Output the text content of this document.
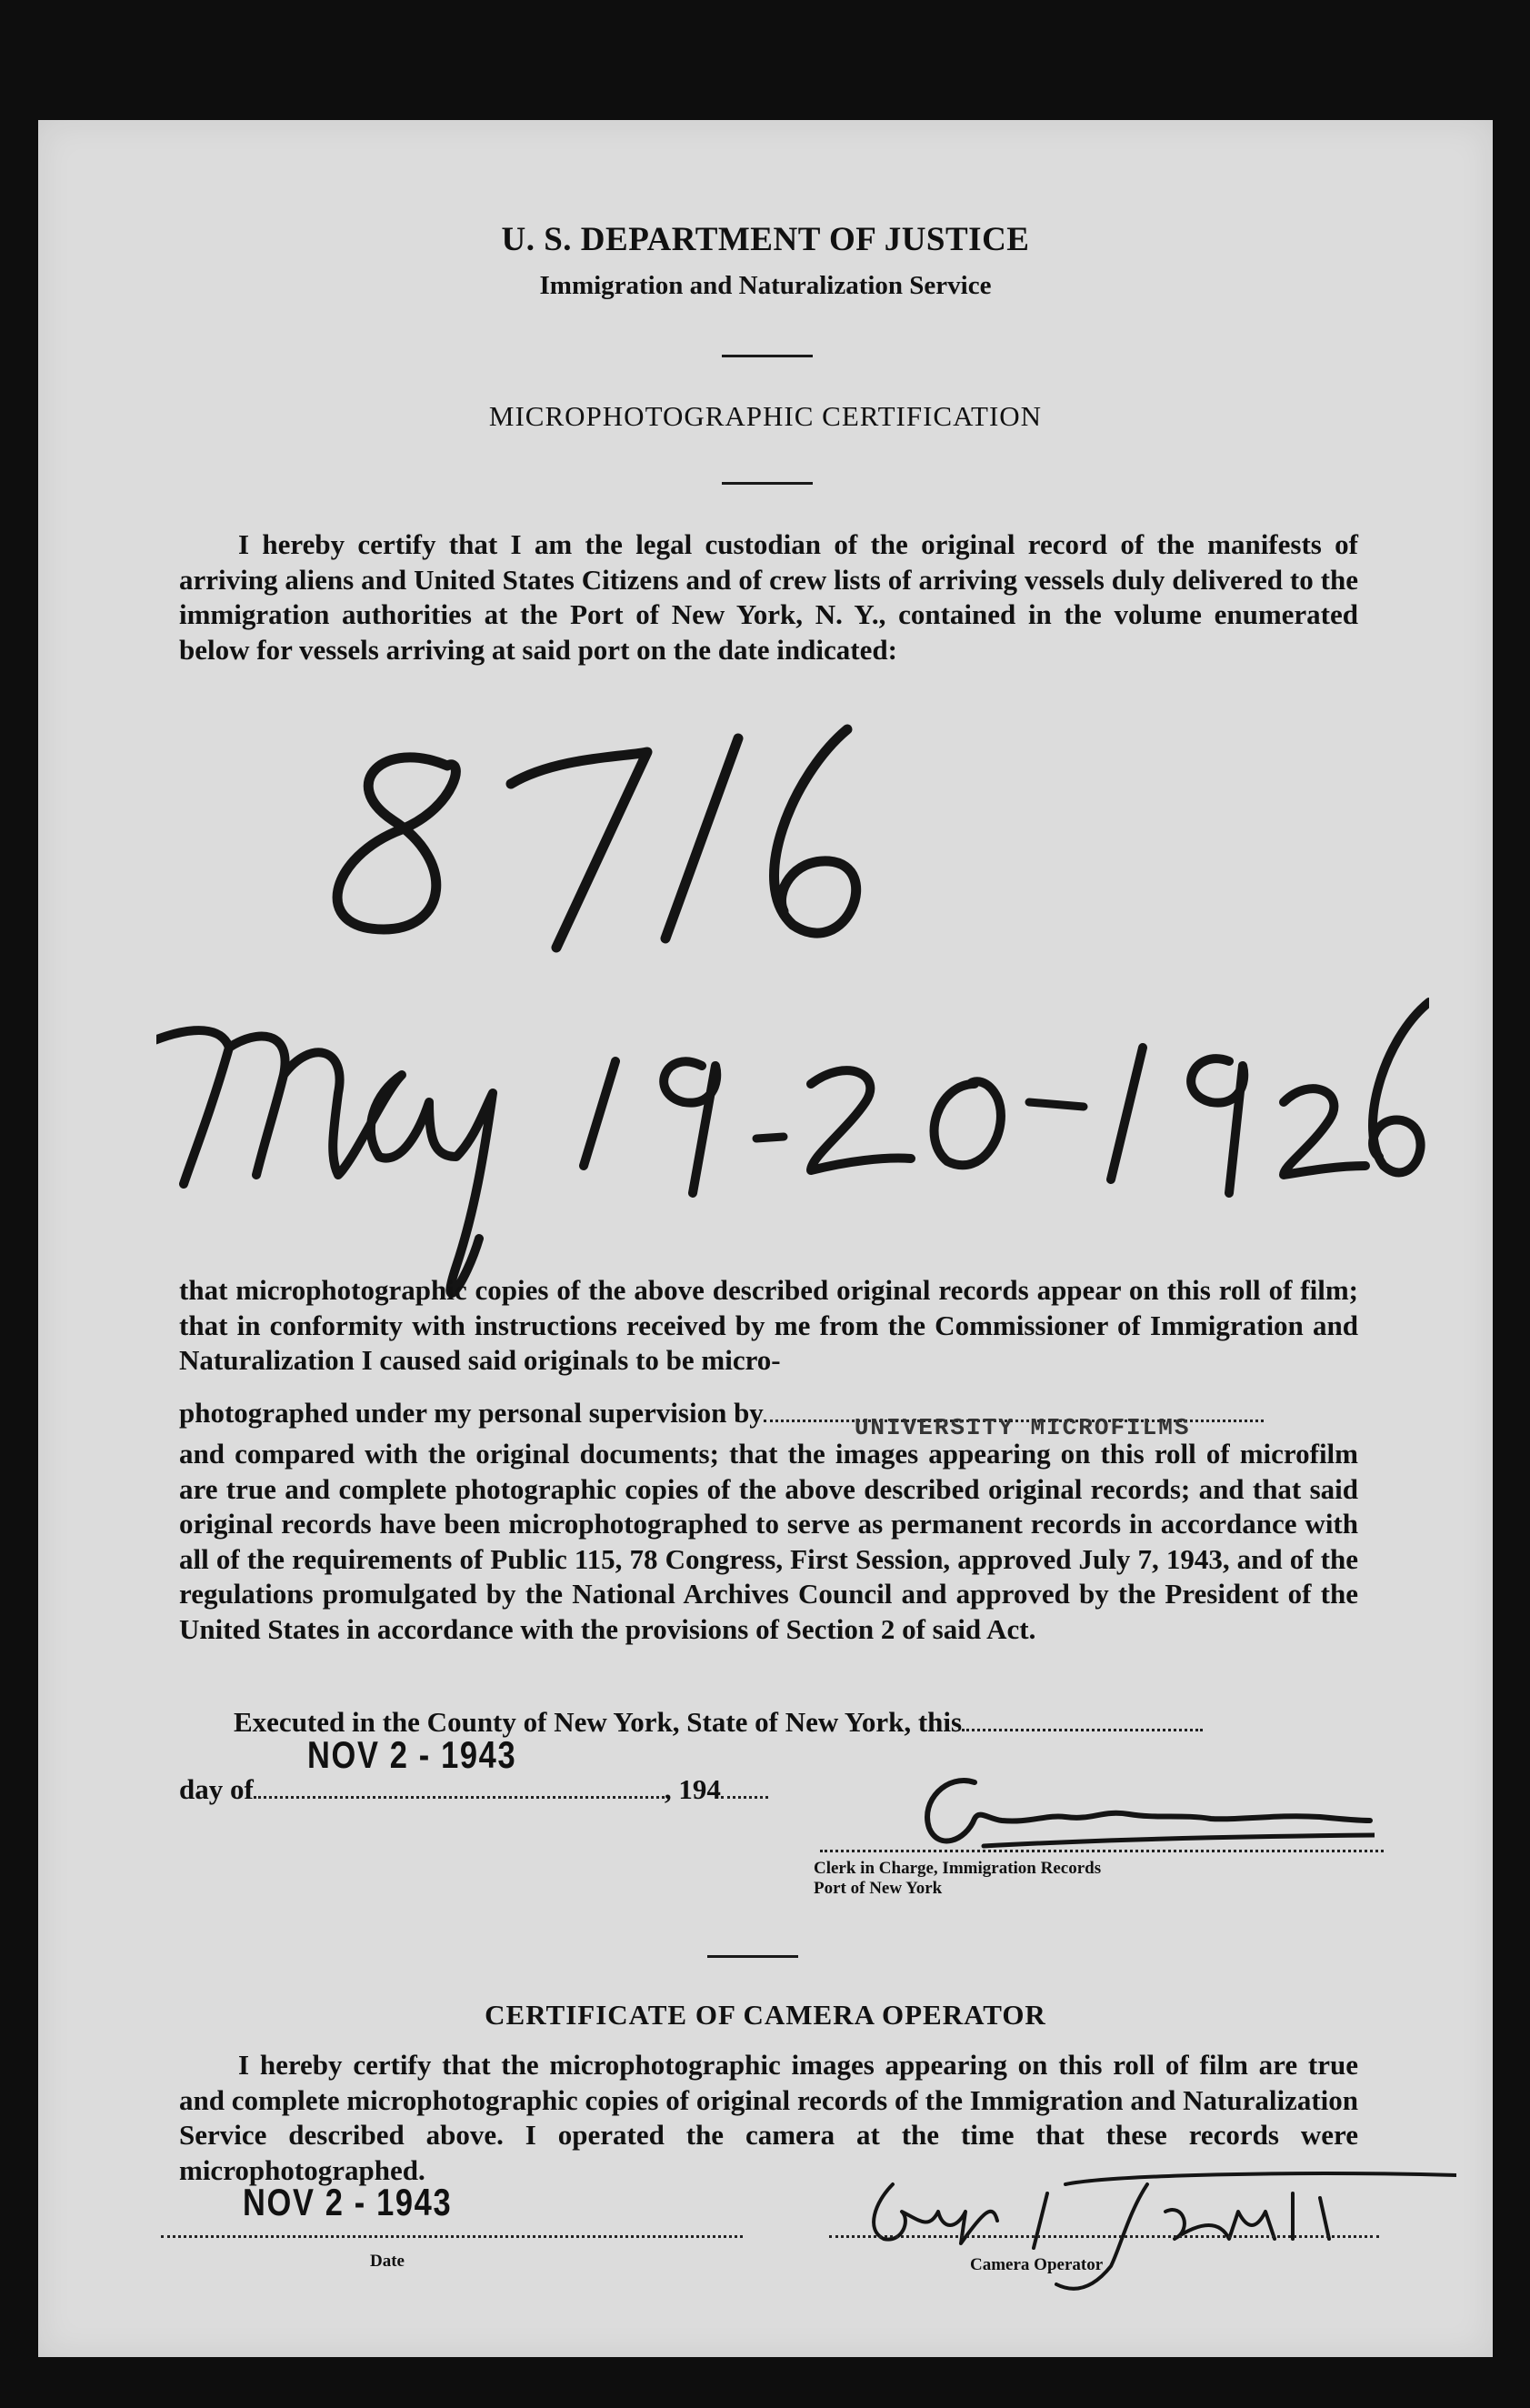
U. S. DEPARTMENT OF JUSTICE
Immigration and Naturalization Service
MICROPHOTOGRAPHIC CERTIFICATION

I hereby certify that I am the legal custodian of the original record of the manifests of arriving aliens and United States Citizens and of crew lists of arriving vessels duly delivered to the immigration authorities at the Port of New York, N. Y., contained in the volume enumerated below for vessels arriving at said port on the date indicated:

that microphotographic copies of the above described original records appear on this roll of film; that in conformity with instructions received by me from the Commissioner of Immigration and Naturalization I caused said originals to be micro-

photographed under my personal supervision by	UNIVERSITY MICROFILMS

and compared with the original documents; that the images appearing on this roll of microfilm are true and complete photographic copies of the above described original records; and that said original records have been microphotographed to serve as permanent records in accordance with all of the requirements of Public 115, 78 Congress, First Session, approved July 7, 1943, and of the regulations promulgated by the National Archives Council and approved by the President of the United States in accordance with the provisions of Section 2 of said Act.

Executed in the County of New York, State of New York, this
NOV 2 - 1943
day of	, 194
Clerk in Charge, Immigration Records
Port of New York
CERTIFICATE OF CAMERA OPERATOR

I hereby certify that the microphotographic images appearing on this roll of film are true and complete microphotographic copies of original records of the Immigration and Naturalization Service described above. I operated the camera at the time that these records were microphotographed.

NOV 2 - 1943
Date	Camera Operator
